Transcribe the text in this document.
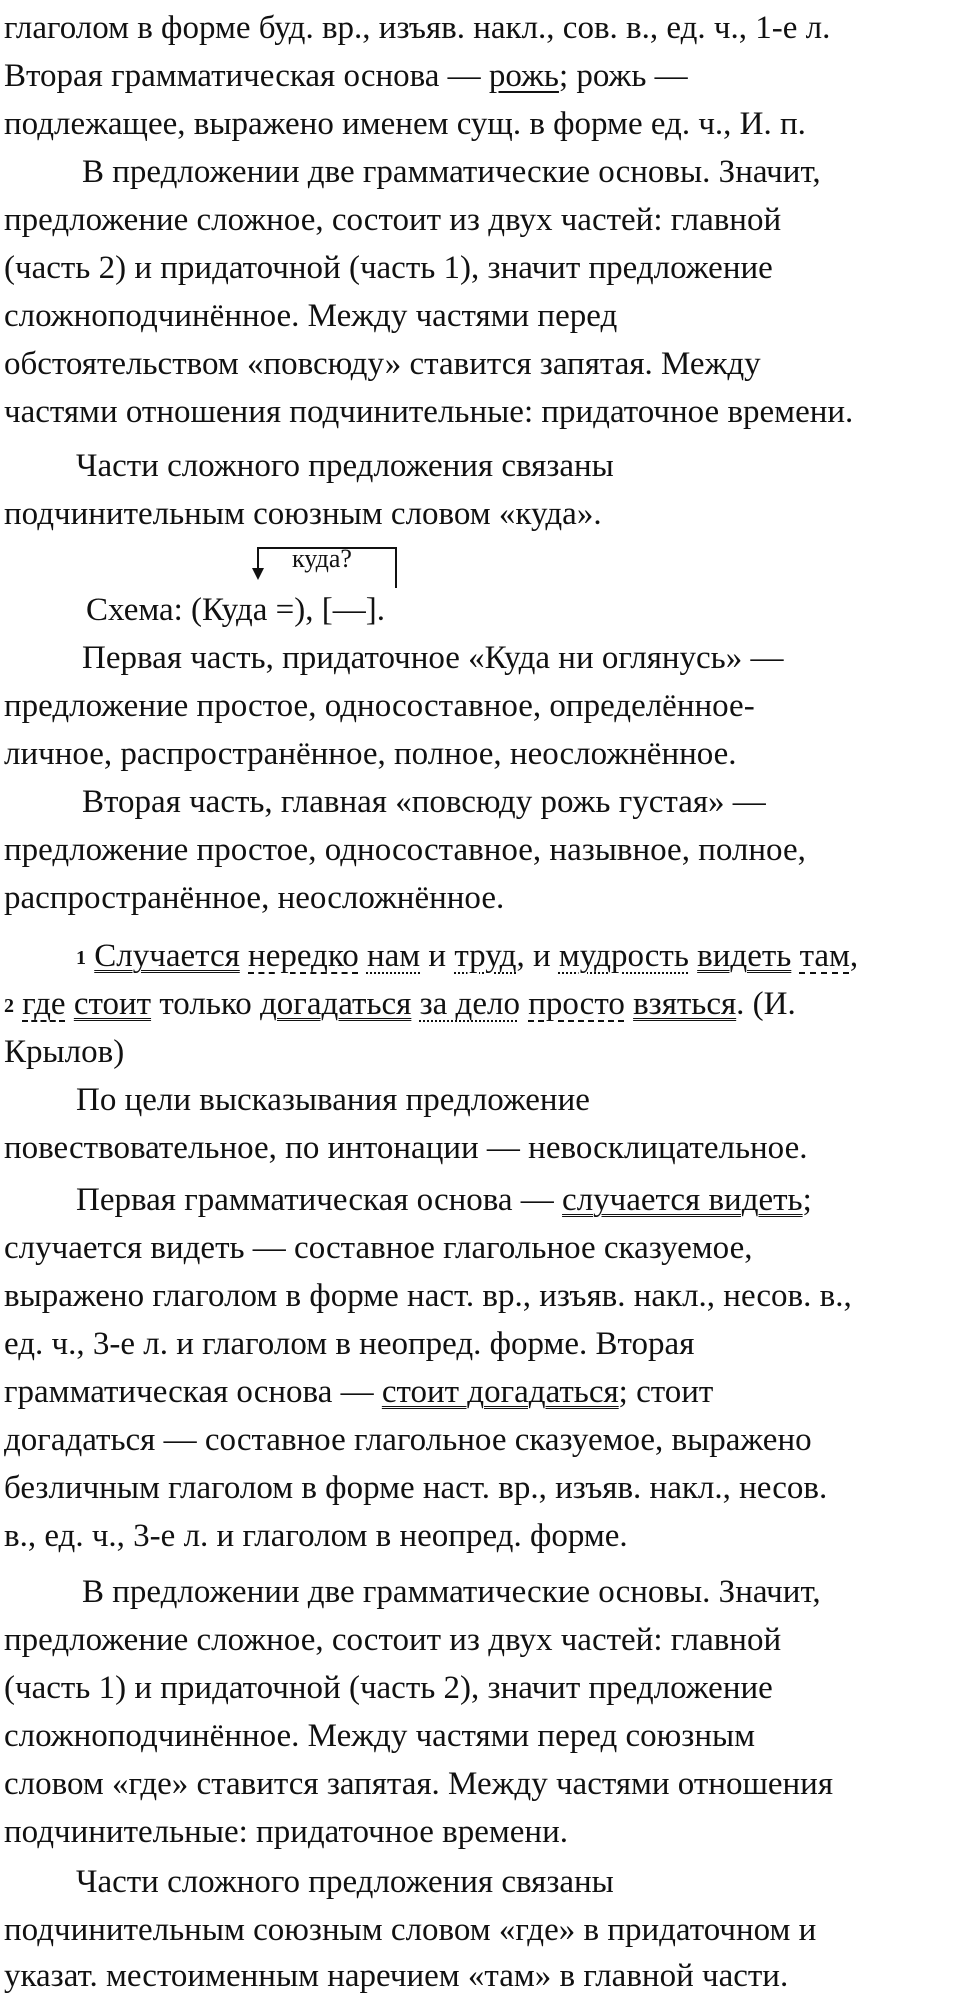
глаголом в форме буд. вр., изъяв. накл., сов. в., ед. ч., 1-е л.
Вторая грамматическая основа — рожь; рожь —
подлежащее, выражено именем сущ. в форме ед. ч., И. п.
В предложении две грамматические основы. Значит,
предложение сложное, состоит из двух частей: главной
(часть 2) и придаточной (часть 1), значит предложение
сложноподчинённое. Между частями перед
обстоятельством «повсюду» ставится запятая. Между
частями отношения подчинительные: придаточное времени.
Части сложного предложения связаны
подчинительным союзным словом «куда».
куда?
Схема: (Куда =), [—].
Первая часть, придаточное «Куда ни оглянусь» —
предложение простое, односоставное, определённое-
личное, распространённое, полное, неосложнённое.
Вторая часть, главная «повсюду рожь густая» —
предложение простое, односоставное, назывное, полное,
распространённое, неосложнённое.
1 Случается нередко нам и труд, и мудрость видеть там,
2 где стоит только догадаться за дело просто взяться. (И.
Крылов)
По цели высказывания предложение
повествовательное, по интонации — невосклицательное.
Первая грамматическая основа — случается видеть;
случается видеть — составное глагольное сказуемое,
выражено глаголом в форме наст. вр., изъяв. накл., несов. в.,
ед. ч., 3-е л. и глаголом в неопред. форме. Вторая
грамматическая основа — стоит догадаться; стоит
догадаться — составное глагольное сказуемое, выражено
безличным глаголом в форме наст. вр., изъяв. накл., несов.
в., ед. ч., 3-е л. и глаголом в неопред. форме.
В предложении две грамматические основы. Значит,
предложение сложное, состоит из двух частей: главной
(часть 1) и придаточной (часть 2), значит предложение
сложноподчинённое. Между частями перед союзным
словом «где» ставится запятая. Между частями отношения
подчинительные: придаточное времени.
Части сложного предложения связаны
подчинительным союзным словом «где» в придаточном и
указат. местоименным наречием «там» в главной части.
